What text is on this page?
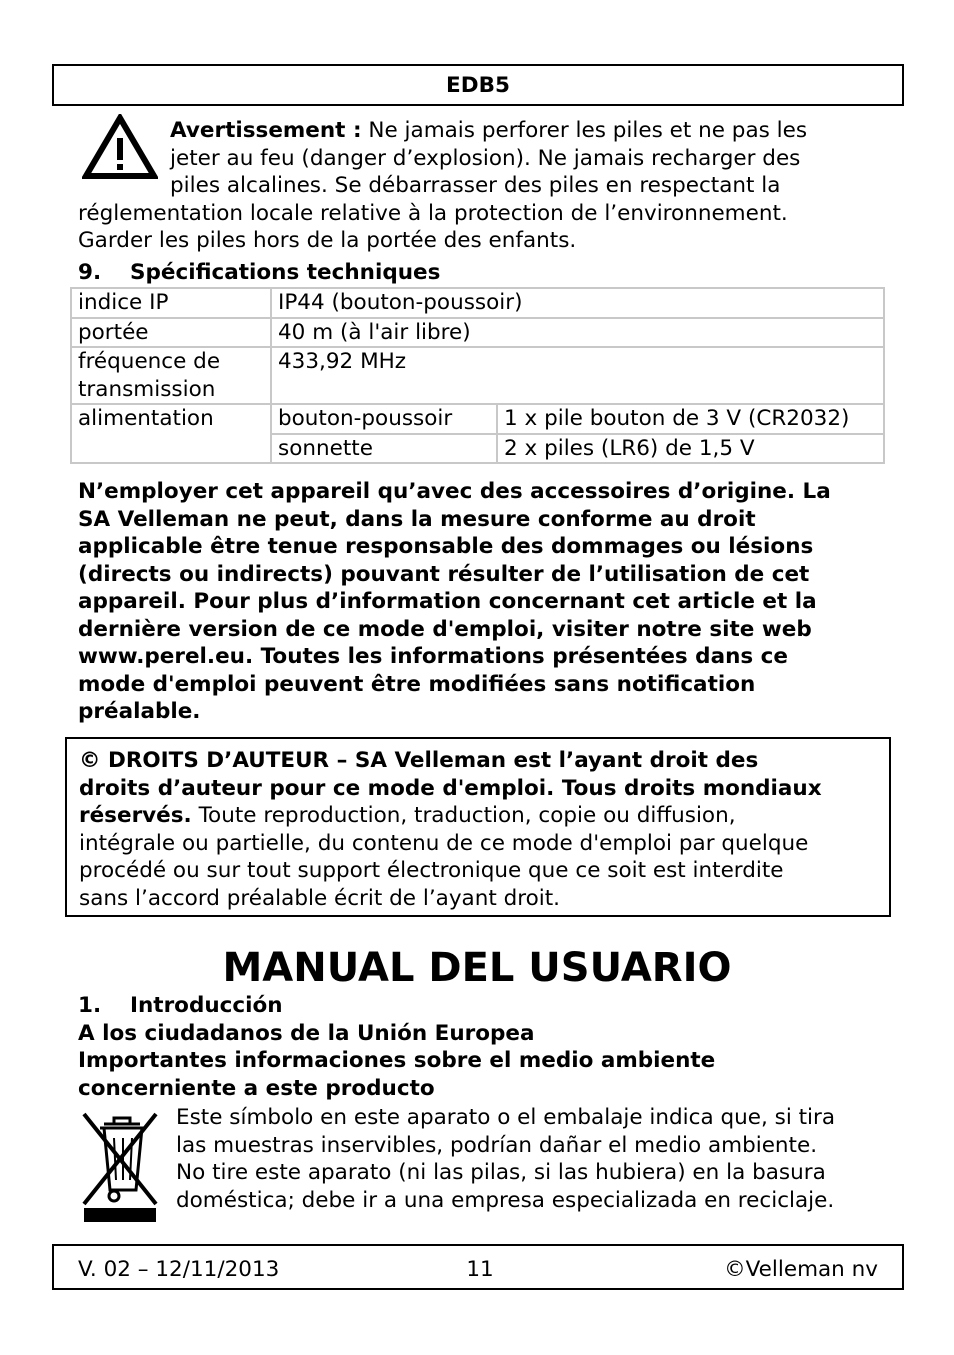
EDB5
Avertissement : Ne jamais perforer les piles et ne pas les
jeter au feu (danger d’explosion). Ne jamais recharger des
piles alcalines. Se débarrasser des piles en respectant la
réglementation locale relative à la protection de l’environnement.
Garder les piles hors de la portée des enfants.
9. Spécifications techniques
indice IP	IP44 (bouton-poussoir)	
portée	40 m (à l'air libre)	

fréquence de
transmission	433,92 MHz	
alimentation	bouton-poussoir	1 x pile bouton de 3 V (CR2032)
	sonnette	2 x piles (LR6) de 1,5 V
N’employer cet appareil qu’avec des accessoires d’origine. La
SA Velleman ne peut, dans la mesure conforme au droit
applicable être tenue responsable des dommages ou lésions
(directs ou indirects) pouvant résulter de l’utilisation de cet
appareil. Pour plus d’information concernant cet article et la
dernière version de ce mode d'emploi, visiter notre site web
www.perel.eu. Toutes les informations présentées dans ce
mode d'emploi peuvent être modifiées sans notification
préalable.
© DROITS D’AUTEUR – SA Velleman est l’ayant droit des
droits d’auteur pour ce mode d'emploi. Tous droits mondiaux
réservés. Toute reproduction, traduction, copie ou diffusion,
intégrale ou partielle, du contenu de ce mode d'emploi par quelque
procédé ou sur tout support électronique que ce soit est interdite
sans l’accord préalable écrit de l’ayant droit.
MANUAL DEL USUARIO
1. Introducción
A los ciudadanos de la Unión Europea
Importantes informaciones sobre el medio ambiente
concerniente a este producto
Este símbolo en este aparato o el embalaje indica que, si tira
las muestras inservibles, podrían dañar el medio ambiente.
No tire este aparato (ni las pilas, si las hubiera) en la basura
doméstica; debe ir a una empresa especializada en reciclaje.
V. 02 – 12/11/2013	11	©Velleman nv
